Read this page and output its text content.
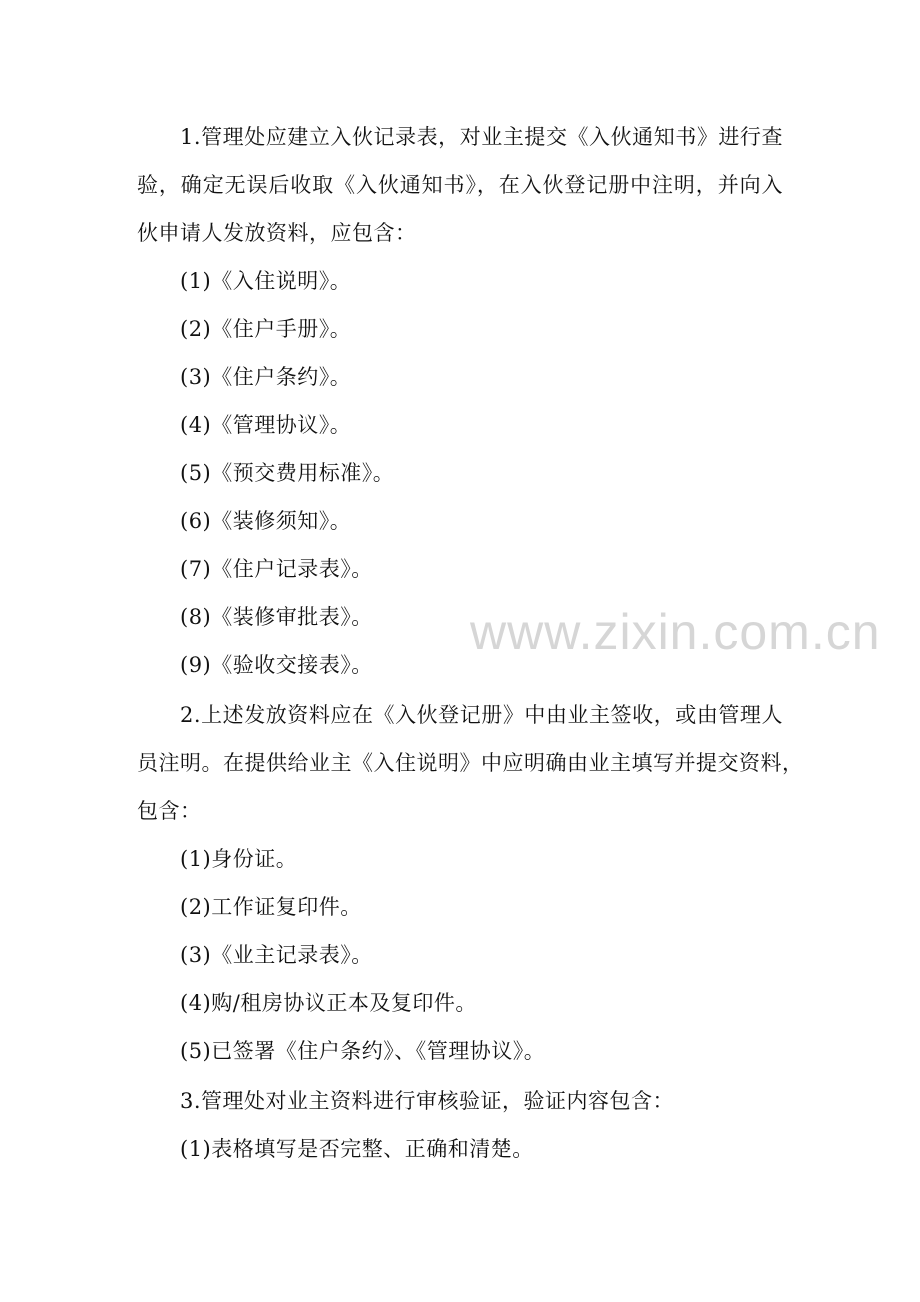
1.管理处应建立入伙记录表，对业主提交《入伙通知书》进行查
验，确定无误后收取《入伙通知书》，在入伙登记册中注明，并向入
伙申请人发放资料，应包含：
(1)《入住说明》。
(2)《住户手册》。
(3)《住户条约》。
(4)《管理协议》。
(5)《预交费用标准》。
(6)《装修须知》。
(7)《住户记录表》。
(8)《装修审批表》。
(9)《验收交接表》。
2.上述发放资料应在《入伙登记册》中由业主签收，或由管理人
员注明。在提供给业主《入住说明》中应明确由业主填写并提交资料，
包含：
(1)身份证。
(2)工作证复印件。
(3)《业主记录表》。
(4)购/租房协议正本及复印件。
(5)已签署《住户条约》、《管理协议》。
3.管理处对业主资料进行审核验证，验证内容包含：
(1)表格填写是否完整、正确和清楚。
www.zixin.com.cn
